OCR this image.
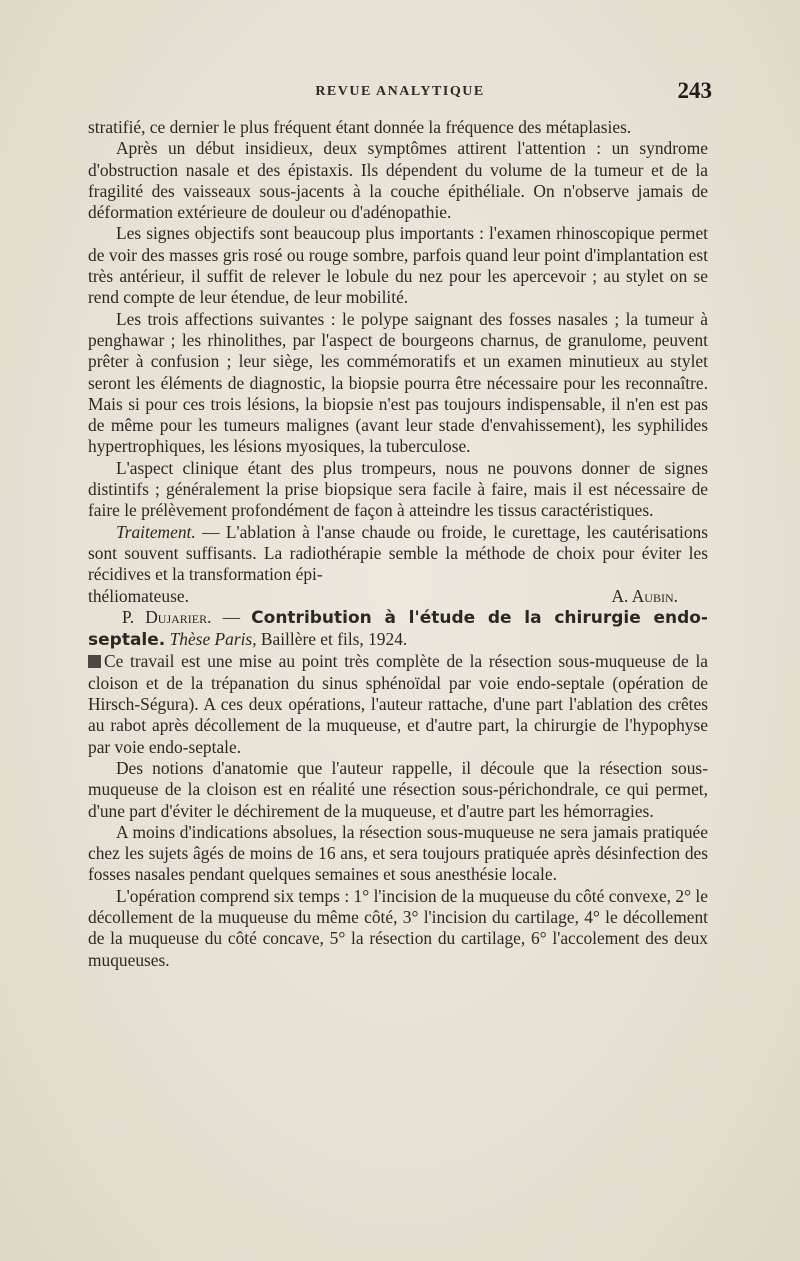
REVUE ANALYTIQUE	243

stratifié, ce dernier le plus fréquent étant donnée la fréquence des métaplasies.

Après un début insidieux, deux symptômes attirent l'attention : un syndrome d'obstruction nasale et des épistaxis. Ils dépendent du volume de la tumeur et de la fragilité des vaisseaux sous-jacents à la couche épithéliale. On n'observe jamais de déformation extérieure de douleur ou d'adénopathie.

Les signes objectifs sont beaucoup plus importants : l'examen rhinoscopique permet de voir des masses gris rosé ou rouge sombre, parfois quand leur point d'implantation est très antérieur, il suffit de relever le lobule du nez pour les apercevoir ; au stylet on se rend compte de leur étendue, de leur mobilité.

Les trois affections suivantes : le polype saignant des fosses nasales ; la tumeur à penghawar ; les rhinolithes, par l'aspect de bourgeons charnus, de granulome, peuvent prêter à confusion ; leur siège, les commémoratifs et un examen minutieux au stylet seront les éléments de diagnostic, la biopsie pourra être nécessaire pour les reconnaître. Mais si pour ces trois lésions, la biopsie n'est pas toujours indispensable, il n'en est pas de même pour les tumeurs malignes (avant leur stade d'envahissement), les syphilides hypertrophiques, les lésions myosiques, la tuberculose.

L'aspect clinique étant des plus trompeurs, nous ne pouvons donner de signes distintifs ; généralement la prise biopsique sera facile à faire, mais il est nécessaire de faire le prélèvement profondément de façon à atteindre les tissus caractéristiques.

Traitement. — L'ablation à l'anse chaude ou froide, le curettage, les cautérisations sont souvent suffisants. La radiothérapie semble la méthode de choix pour éviter les récidives et la transformation épi-

théliomateuse.	A. Aubin.

P. Dujarier. — Contribution à l'étude de la chirurgie endo-septale. Thèse Paris, Baillère et fils, 1924.

Ce travail est une mise au point très complète de la résection sous-muqueuse de la cloison et de la trépanation du sinus sphénoïdal par voie endo-septale (opération de Hirsch-Ségura). A ces deux opérations, l'auteur rattache, d'une part l'ablation des crêtes au rabot après décollement de la muqueuse, et d'autre part, la chirurgie de l'hypophyse par voie endo-septale.

Des notions d'anatomie que l'auteur rappelle, il découle que la résection sous-muqueuse de la cloison est en réalité une résection sous-périchondrale, ce qui permet, d'une part d'éviter le déchirement de la muqueuse, et d'autre part les hémorragies.

A moins d'indications absolues, la résection sous-muqueuse ne sera jamais pratiquée chez les sujets âgés de moins de 16 ans, et sera toujours pratiquée après désinfection des fosses nasales pendant quelques semaines et sous anesthésie locale.

L'opération comprend six temps : 1° l'incision de la muqueuse du côté convexe, 2° le décollement de la muqueuse du même côté, 3° l'incision du cartilage, 4° le décollement de la muqueuse du côté concave, 5° la résection du cartilage, 6° l'accolement des deux muqueuses.
